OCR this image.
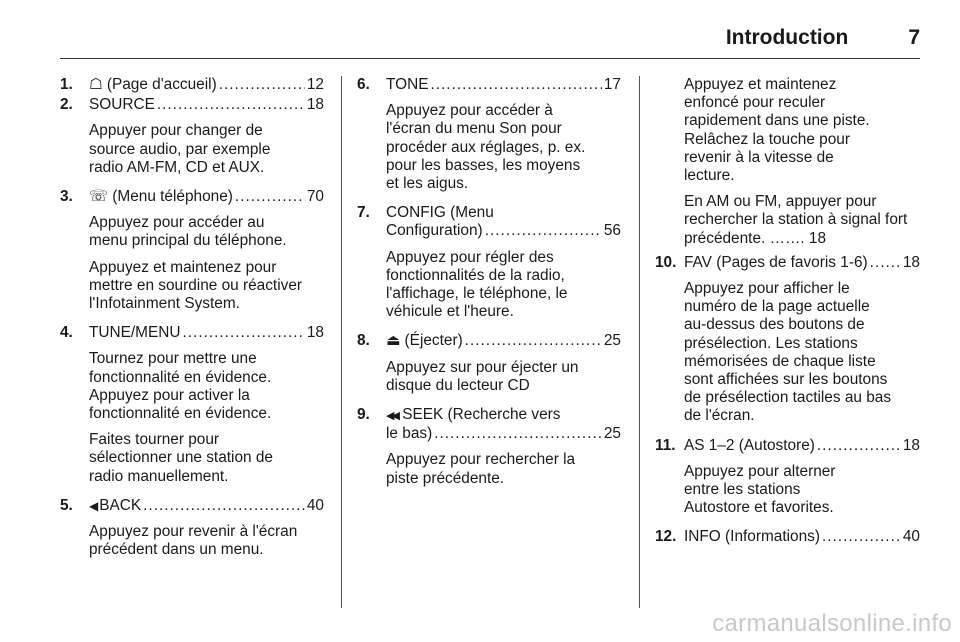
Introduction	7
1. ☖ (Page d'accueil) .....	12
2. SOURCE .....	18
Appuyer pour changer de source audio, par exemple radio AM-FM, CD et AUX.
3. ☏ (Menu téléphone) .....	70
Appuyez pour accéder au menu principal du téléphone.
Appuyez et maintenez pour mettre en sourdine ou réactiver l'Infotainment System.
4. TUNE/MENU .....	18
Tournez pour mettre une fonctionnalité en évidence. Appuyez pour activer la fonctionnalité en évidence.
Faites tourner pour sélectionner une station de radio manuellement.
5. ◀BACK .....	40
Appuyez pour revenir à l'écran précédent dans un menu.
6. TONE .....	17
Appuyez pour accéder à l'écran du menu Son pour procéder aux réglages, p. ex. pour les basses, les moyens et les aigus.
7. CONFIG (Menu
Configuration) .....	56
Appuyez pour régler des fonctionnalités de la radio, l'affichage, le téléphone, le véhicule et l'heure.
8. ⏏ (Éjecter) .....	25
Appuyez sur pour éjecter un disque du lecteur CD
9. ◀◀ SEEK (Recherche vers
le bas) .....	25
Appuyez pour rechercher la piste précédente.
Appuyez et maintenez enfoncé pour reculer rapidement dans une piste. Relâchez la touche pour revenir à la vitesse de lecture.
En AM ou FM, appuyer pour rechercher la station à signal fort précédente. ……. 18
10. FAV (Pages de favoris 1-6) ..... 18
Appuyez pour afficher le numéro de la page actuelle au-dessus des boutons de présélection. Les stations mémorisées de chaque liste sont affichées sur les boutons de présélection tactiles au bas de l'écran.
11. AS 1–2 (Autostore) .....	18
Appuyez pour alterner entre les stations Autostore et favorites.
12. INFO (Informations) .....	40
carmanualsonline.info
